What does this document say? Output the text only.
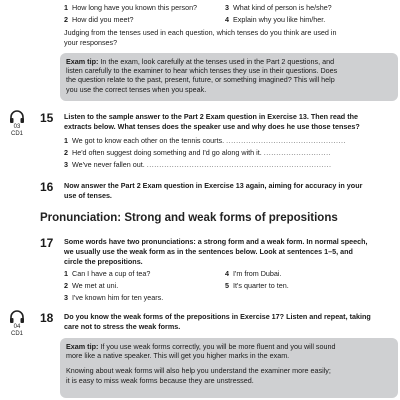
1 How long have you known this person?	3 What kind of person is he/she?
2 How did you meet?	4 Explain why you like him/her.
Judging from the tenses used in each question, which tenses do you think are used in
your responses?

Exam tip: In the exam, look carefully at the tenses used in the Part 2 questions, and

listen carefully to the examiner to hear which tenses they use in their questions. Does

the question relate to the past, present, future, or something imagined? This will help

you use the correct tenses when you speak.

03
CD1
15 Listen to the sample answer to the Part 2 Exam question in Exercise 13. Then read the
extracts below. What tenses does the speaker use and why does he use those tenses?
1 We got to know each other on the tennis courts. ................................................
2 He'd often suggest doing something and I'd go along with it. ...........................
3 We've never fallen out. ..........................................................................
16 Now answer the Part 2 Exam question in Exercise 13 again, aiming for accuracy in your
use of tenses.
Pronunciation: Strong and weak forms of prepositions
17 Some words have two pronunciations: a strong form and a weak form. In normal speech,
we usually use the weak form as in the sentences below. Look at sentences 1–5, and
circle the prepositions.
1 Can I have a cup of tea?	4 I'm from Dubai.
2 We met at uni.	5 It's quarter to ten.
3 I've known him for ten years.
04
CD1
18 Do you know the weak forms of the prepositions in Exercise 17? Listen and repeat, taking
care not to stress the weak forms.

Exam tip: If you use weak forms correctly, you will be more fluent and you will sound

more like a native speaker. This will get you higher marks in the exam.

Knowing about weak forms will also help you understand the examiner more easily;

it is easy to miss weak forms because they are unstressed.
